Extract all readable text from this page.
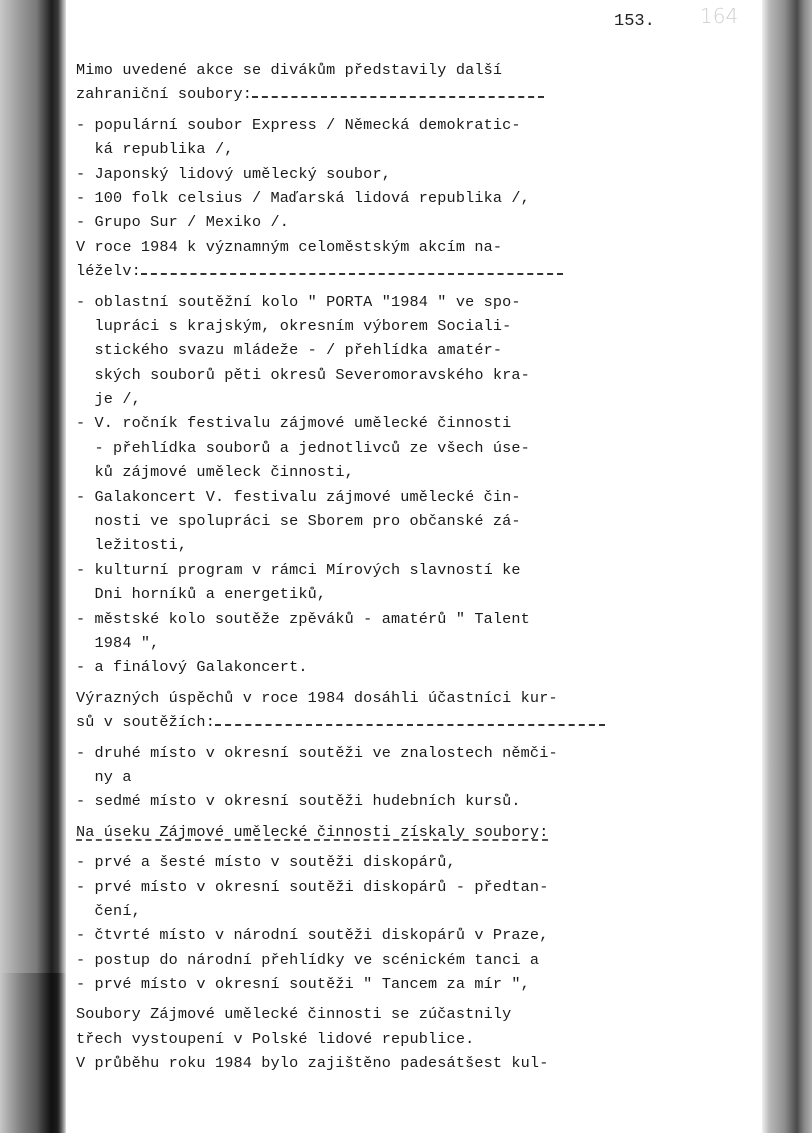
153. 164
Mimo uvedené akce se divákům představily další
zahraniční soubory:
- populární soubor Express / Německá demokratic-
ká republika /,
- Japonský lidový umělecký soubor,
- 100 folk celsius / Maďarská lidová republika /,
- Grupo Sur / Mexiko /.
V roce 1984 k významným celoměstským akcím na-
léželv:
- oblastní soutěžní kolo " PORTA "1984 " ve spo-
lupráci s krajským, okresním výborem Sociali-
stického svazu mládeže - / přehlídka amatér-
ských souborů pěti okresů Severomoravského kra-
je /,
- V. ročník festivalu zájmové umělecké činnosti
- přehlídka souborů a jednotlivců ze všech úse-
ků zájmové uměleck činnosti,
- Galakoncert V. festivalu zájmové umělecké čin-
nosti ve spolupráci se Sborem pro občanské zá-
ležitosti,
- kulturní program v rámci Mírových slavností ke
Dni horníků a energetiků,
- městské kolo soutěže zpěváků - amatérů " Talent
1984 ",
- a finálový Galakoncert.
Výrazných úspěchů v roce 1984 dosáhli účastníci kur-
sů v soutěžích:
- druhé místo v okresní soutěži ve znalostech němči-
ny a
- sedmé místo v okresní soutěži hudebních kursů.
Na úseku Zájmové umělecké činnosti získaly soubory:
- prvé a šesté místo v soutěži diskopárů,
- prvé místo v okresní soutěži diskopárů - předtan-
čení,
- čtvrté místo v národní soutěži diskopárů v Praze,
- postup do národní přehlídky ve scénickém tanci a
- prvé místo v okresní soutěži " Tancem za mír ",
Soubory Zájmové umělecké činnosti se zúčastnily
třech vystoupení v Polské lidové republice.
V průběhu roku 1984 bylo zajištěno padesátšest kul-
